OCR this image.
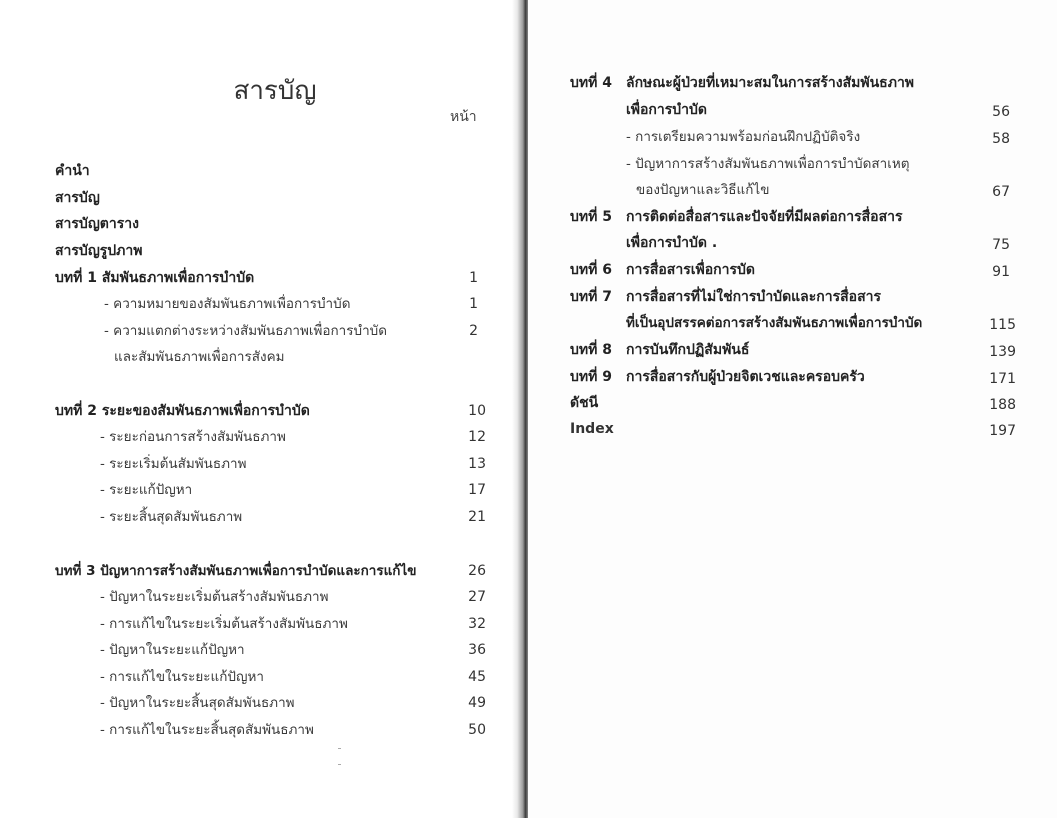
สารบัญ
หน้า
คำนำ
สารบัญ
สารบัญตาราง
สารบัญรูปภาพ
บทที่ 1 สัมพันธภาพเพื่อการบำบัด	1
- ความหมายของสัมพันธภาพเพื่อการบำบัด	1
- ความแตกต่างระหว่างสัมพันธภาพเพื่อการบำบัด	2
และสัมพันธภาพเพื่อการสังคม
บทที่ 2 ระยะของสัมพันธภาพเพื่อการบำบัด	10
- ระยะก่อนการสร้างสัมพันธภาพ	12
- ระยะเริ่มต้นสัมพันธภาพ	13
- ระยะแก้ปัญหา	17
- ระยะสิ้นสุดสัมพันธภาพ	21
บทที่ 3 ปัญหาการสร้างสัมพันธภาพเพื่อการบำบัดและการแก้ไข	26
- ปัญหาในระยะเริ่มต้นสร้างสัมพันธภาพ	27
- การแก้ไขในระยะเริ่มต้นสร้างสัมพันธภาพ	32
- ปัญหาในระยะแก้ปัญหา	36
- การแก้ไขในระยะแก้ปัญหา	45
- ปัญหาในระยะสิ้นสุดสัมพันธภาพ	49
- การแก้ไขในระยะสิ้นสุดสัมพันธภาพ	50
บทที่ 4 ลักษณะผู้ป่วยที่เหมาะสมในการสร้างสัมพันธภาพ
เพื่อการบำบัด	56
- การเตรียมความพร้อมก่อนฝึกปฏิบัติจริง	58
- ปัญหาการสร้างสัมพันธภาพเพื่อการบำบัดสาเหตุ
ของปัญหาและวิธีแก้ไข	67
บทที่ 5 การติดต่อสื่อสารและปัจจัยที่มีผลต่อการสื่อสาร
เพื่อการบำบัด .	75
บทที่ 6 การสื่อสารเพื่อการบัด	91
บทที่ 7 การสื่อสารที่ไม่ใช่การบำบัดและการสื่อสาร
ที่เป็นอุปสรรคต่อการสร้างสัมพันธภาพเพื่อการบำบัด	115
บทที่ 8 การบันทึกปฏิสัมพันธ์	139
บทที่ 9 การสื่อสารกับผู้ป่วยจิตเวชและครอบครัว	171
ดัชนี	188
Index	197
